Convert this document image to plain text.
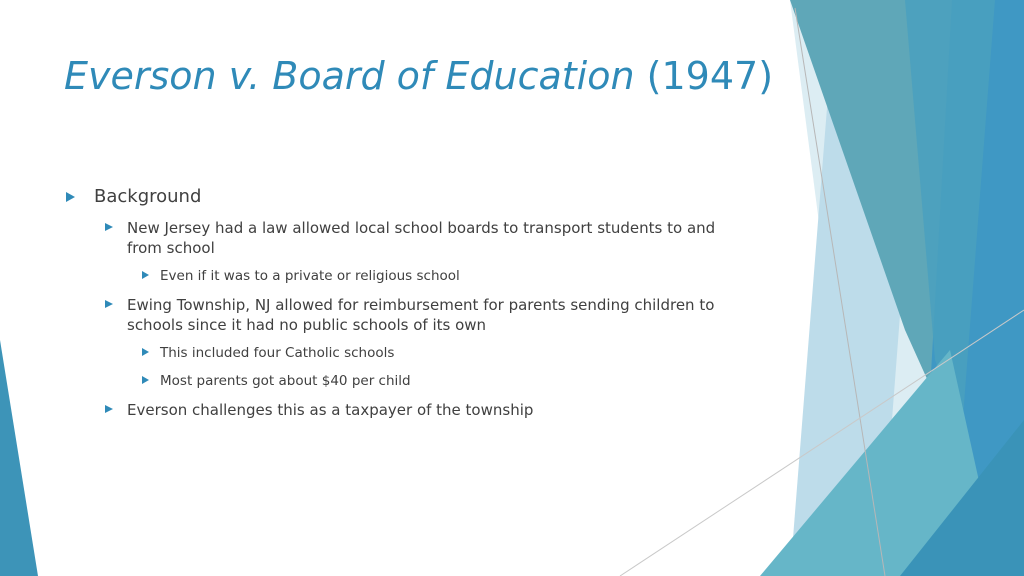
Everson v. Board of Education (1947)
Background
New Jersey had a law allowed local school boards to transport students to and from school
Even if it was to a private or religious school
Ewing Township, NJ allowed for reimbursement for parents sending children to schools since it had no public schools of its own
This included four Catholic schools
Most parents got about $40 per child
Everson challenges this as a taxpayer of the township
